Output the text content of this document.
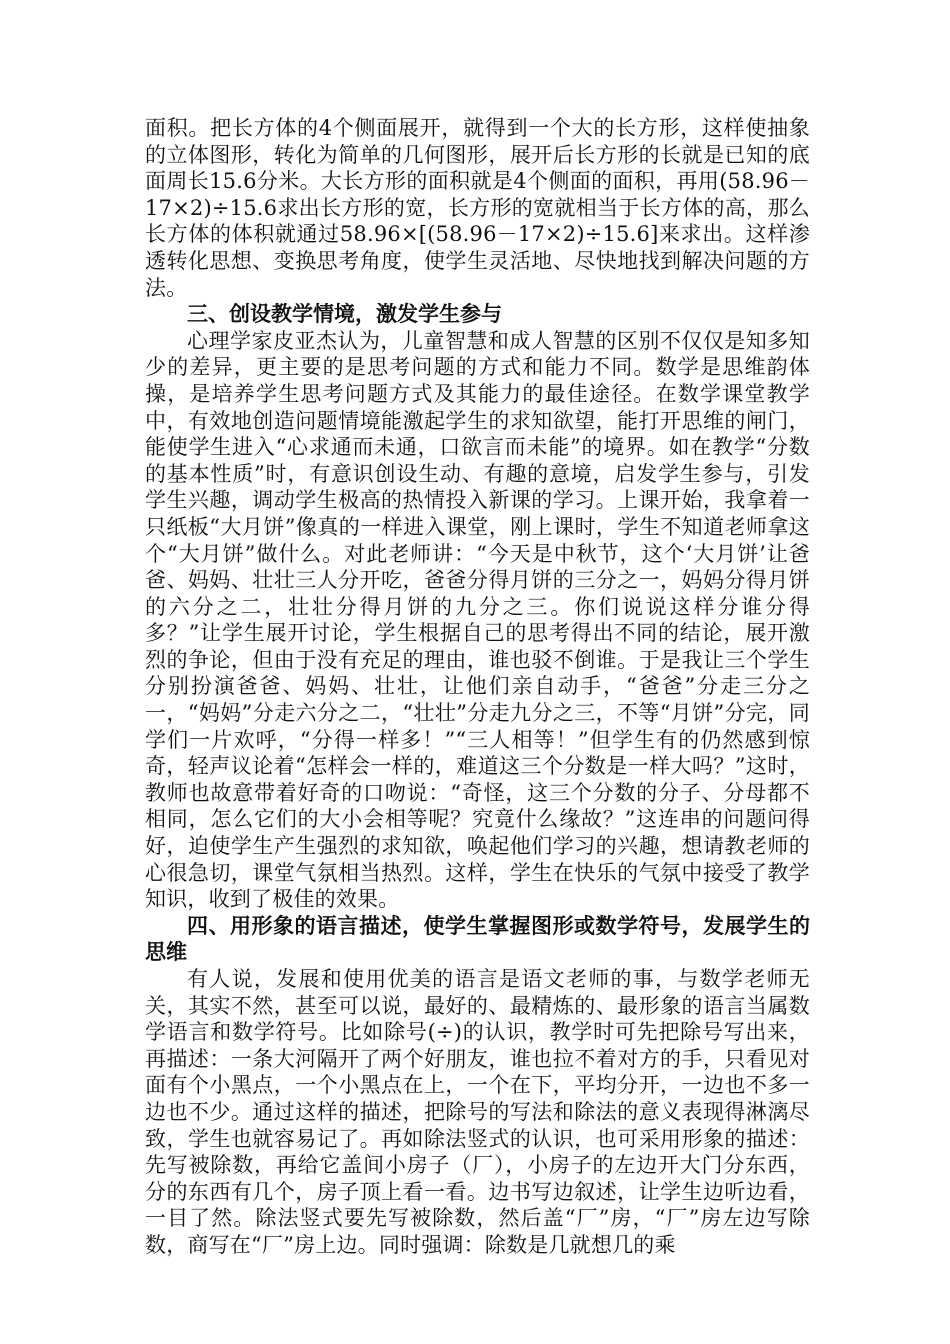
面积。把长方体的4个侧面展开，就得到一个大的长方形，这样使抽象的立体图形，转化为简单的几何图形，展开后长方形的长就是已知的底面周长15.6分米。大长方形的面积就是4个侧面的面积，再用(58.96－17×2)÷15.6求出长方形的宽，长方形的宽就相当于长方体的高，那么长方体的体积就通过58.96×[(58.96－17×2)÷15.6]来求出。这样渗透转化思想、变换思考角度，使学生灵活地、尽快地找到解决问题的方法。

三、创设教学情境，激发学生参与

心理学家皮亚杰认为，儿童智慧和成人智慧的区别不仅仅是知多知少的差异，更主要的是思考问题的方式和能力不同。数学是思维韵体操，是培养学生思考问题方式及其能力的最佳途径。在数学课堂教学中，有效地创造问题情境能激起学生的求知欲望，能打开思维的闸门，能使学生进入“心求通而未通，口欲言而未能”的境界。如在教学“分数的基本性质”时，有意识创设生动、有趣的意境，启发学生参与，引发学生兴趣，调动学生极高的热情投入新课的学习。上课开始，我拿着一只纸板“大月饼”像真的一样进入课堂，刚上课时，学生不知道老师拿这个“大月饼”做什么。对此老师讲：“今天是中秋节，这个‘大月饼’让爸爸、妈妈、壮壮三人分开吃，爸爸分得月饼的三分之一，妈妈分得月饼的六分之二，壮壮分得月饼的九分之三。你们说说这样分谁分得多？”让学生展开讨论，学生根据自己的思考得出不同的结论，展开激烈的争论，但由于没有充足的理由，谁也驳不倒谁。于是我让三个学生分别扮演爸爸、妈妈、壮壮，让他们亲自动手，“爸爸”分走三分之一，“妈妈”分走六分之二，“壮壮”分走九分之三，不等“月饼”分完，同学们一片欢呼，“分得一样多！”“三人相等！”但学生有的仍然感到惊奇，轻声议论着“怎样会一样的，难道这三个分数是一样大吗？”这时，教师也故意带着好奇的口吻说：“奇怪，这三个分数的分子、分母都不相同，怎么它们的大小会相等呢？究竟什么缘故？”这连串的问题问得好，迫使学生产生强烈的求知欲，唤起他们学习的兴趣，想请教老师的心很急切，课堂气氛相当热烈。这样，学生在快乐的气氛中接受了教学知识，收到了极佳的效果。

四、用形象的语言描述，使学生掌握图形或数学符号，发展学生的思维

有人说，发展和使用优美的语言是语文老师的事，与数学老师无关，其实不然，甚至可以说，最好的、最精炼的、最形象的语言当属数学语言和数学符号。比如除号(÷)的认识，教学时可先把除号写出来，再描述：一条大河隔开了两个好朋友，谁也拉不着对方的手，只看见对面有个小黑点，一个小黑点在上，一个在下，平均分开，一边也不多一边也不少。通过这样的描述，把除号的写法和除法的意义表现得淋漓尽致，学生也就容易记了。再如除法竖式的认识，也可采用形象的描述：先写被除数，再给它盖间小房子（厂），小房子的左边开大门分东西，分的东西有几个，房子顶上看一看。边书写边叙述，让学生边听边看，一目了然。除法竖式要先写被除数，然后盖“厂”房，“厂”房左边写除数，商写在“厂”房上边。同时强调：除数是几就想几的乘
